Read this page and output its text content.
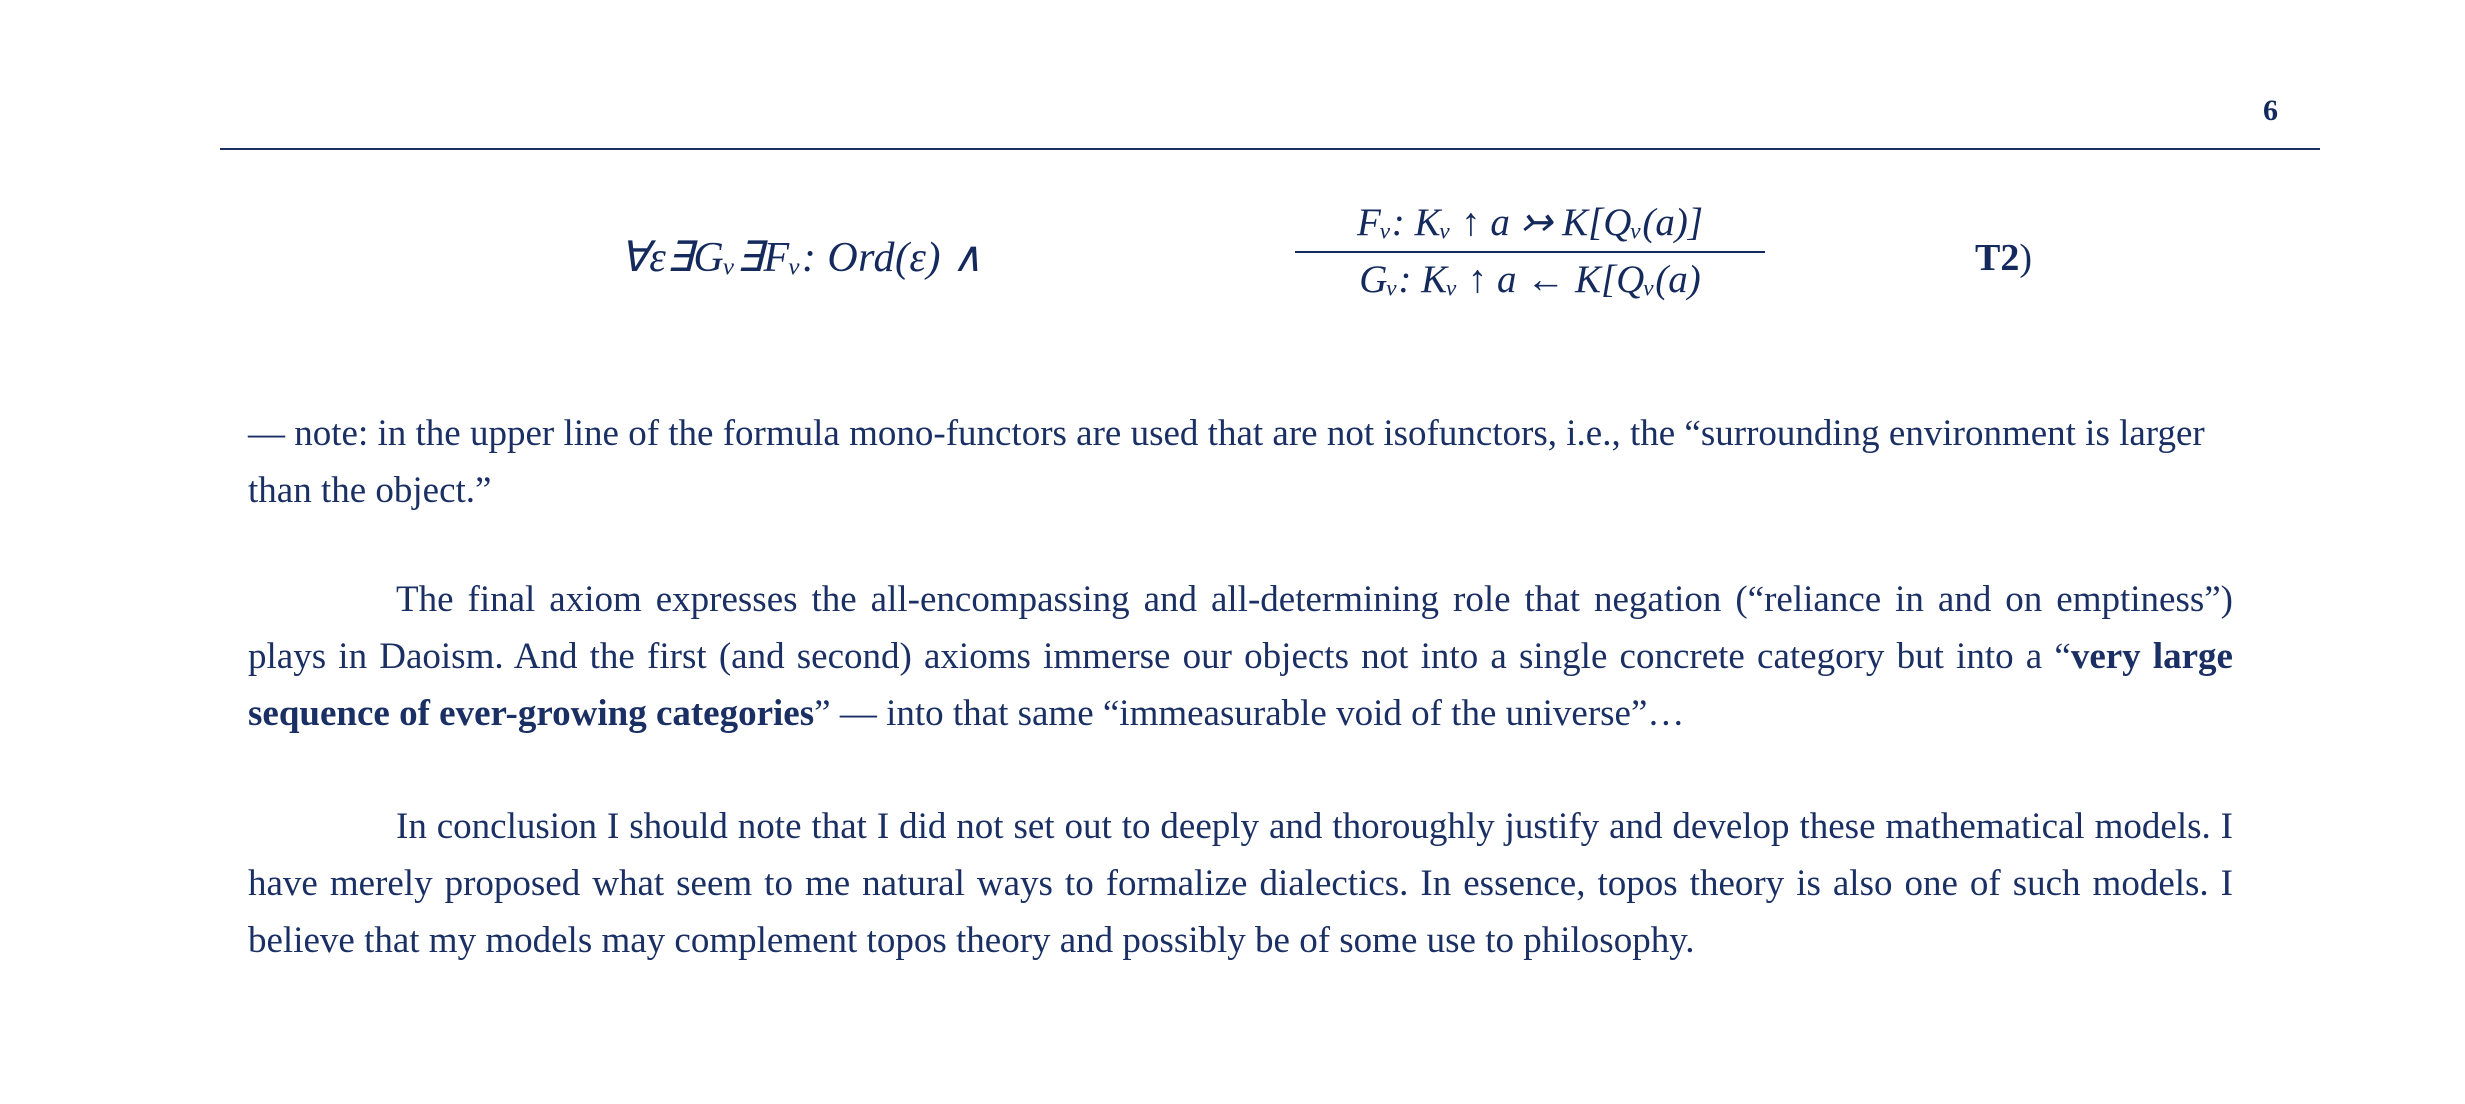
6
∀ε∃Gᵥ∃Fᵥ: Ord(ε) ∧
Fᵥ: Kᵥ ↑ a ↣ K[Qᵥ(a)]
Gᵥ: Kᵥ ↑ a ← K[Qᵥ(a)	T2)

— note: in the upper line of the formula mono-functors are used that are not isofunctors, i.e., the “surrounding environment is larger than the object.”

The final axiom expresses the all-encompassing and all-determining role that negation (“reliance in and on emptiness”) plays in Daoism. And the first (and second) axioms immerse our objects not into a single concrete category but into a “very large sequence of ever-growing categories” — into that same “immeasurable void of the universe”…

In conclusion I should note that I did not set out to deeply and thoroughly justify and develop these mathematical models. I have merely proposed what seem to me natural ways to formalize dialectics. In essence, topos theory is also one of such models. I believe that my models may complement topos theory and possibly be of some use to philosophy.
